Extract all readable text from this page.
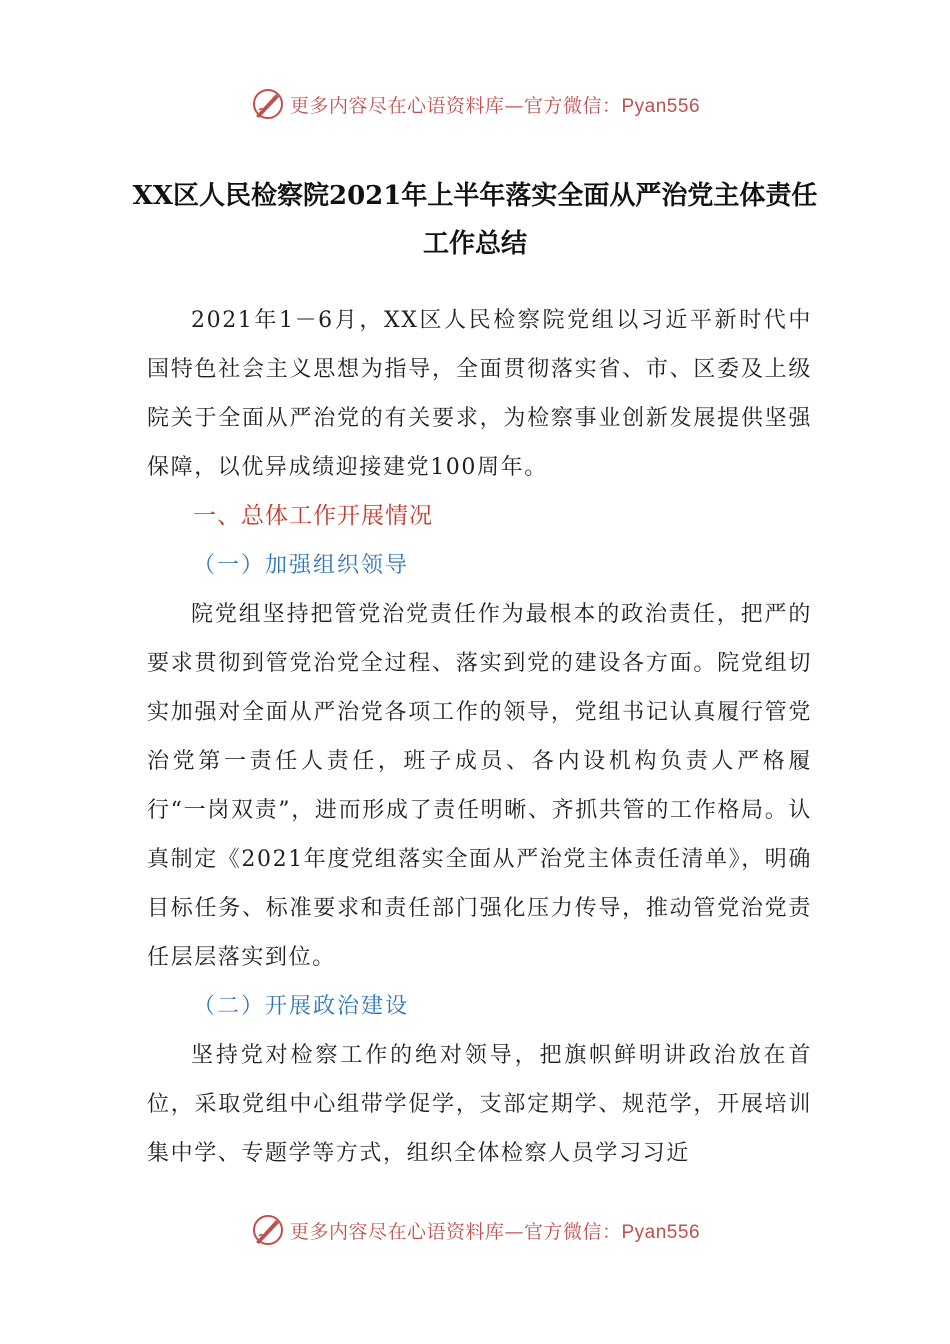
更多内容尽在心语资料库—官方微信：Pyan556
XX区人民检察院2021年上半年落实全面从严治党主体责任工作总结

2021年1－6月，XX区人民检察院党组以习近平新时代中国特色社会主义思想为指导，全面贯彻落实省、市、区委及上级院关于全面从严治党的有关要求，为检察事业创新发展提供坚强保障，以优异成绩迎接建党100周年。

一、总体工作开展情况

（一）加强组织领导

院党组坚持把管党治党责任作为最根本的政治责任，把严的要求贯彻到管党治党全过程、落实到党的建设各方面。院党组切实加强对全面从严治党各项工作的领导，党组书记认真履行管党治党第一责任人责任，班子成员、各内设机构负责人严格履行“一岗双责”，进而形成了责任明晰、齐抓共管的工作格局。认真制定《2021年度党组落实全面从严治党主体责任清单》，明确目标任务、标准要求和责任部门强化压力传导，推动管党治党责任层层落实到位。

（二）开展政治建设

坚持党对检察工作的绝对领导，把旗帜鲜明讲政治放在首位，采取党组中心组带学促学，支部定期学、规范学，开展培训集中学、专题学等方式，组织全体检察人员学习习近

更多内容尽在心语资料库—官方微信：Pyan556
